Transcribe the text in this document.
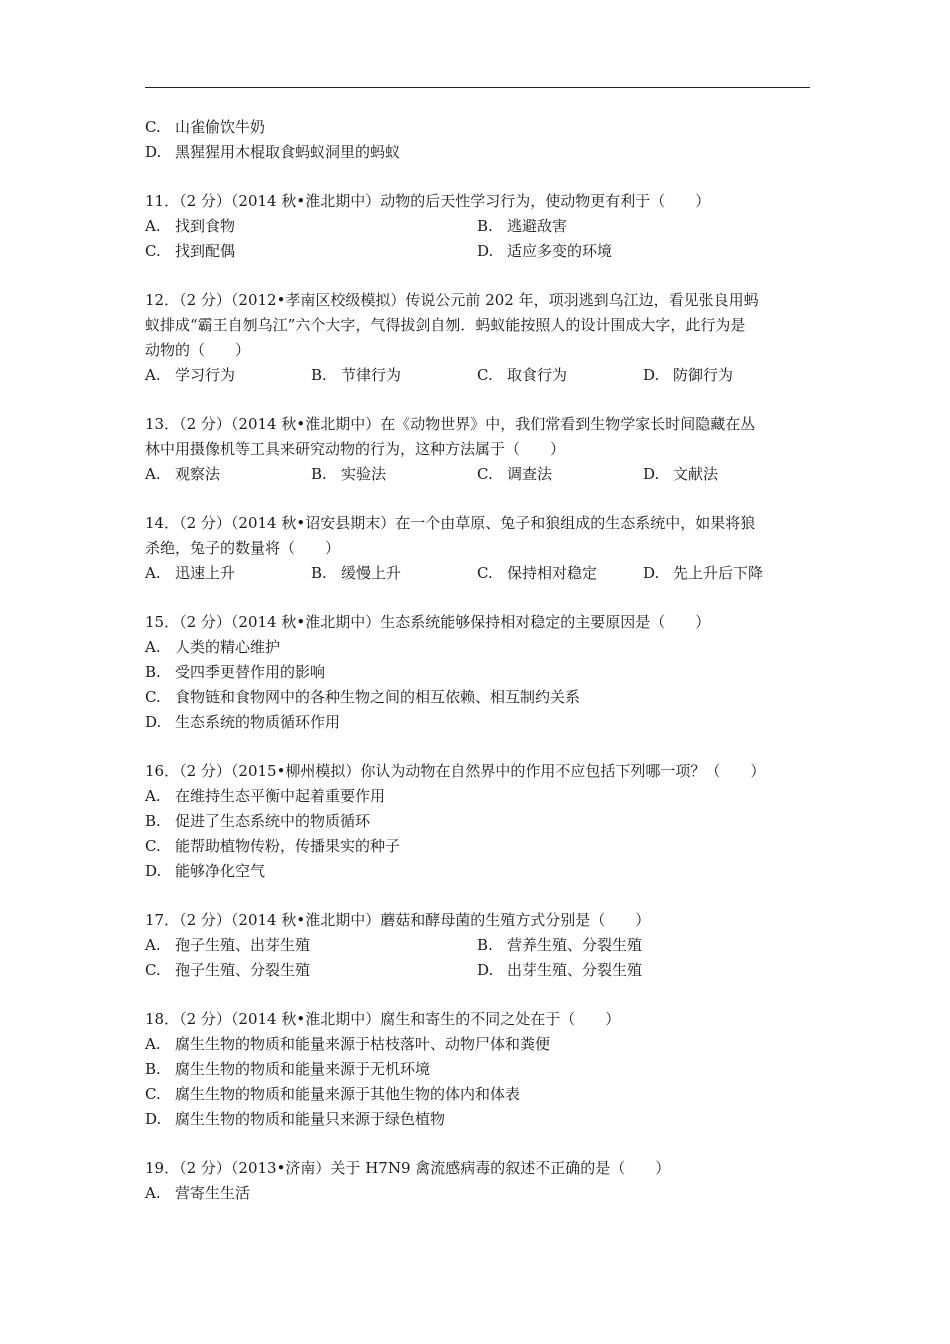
C. 山雀偷饮牛奶
D. 黑猩猩用木棍取食蚂蚁洞里的蚂蚁
11．（2 分）（2014 秋•淮北期中）动物的后天性学习行为，使动物更有利于（　　）
A. 找到食物	B. 逃避敌害
C. 找到配偶	D. 适应多变的环境
12．（2 分）（2012•孝南区校级模拟）传说公元前 202 年，项羽逃到乌江边，看见张良用蚂
蚁排成“霸王自刎乌江”六个大字，气得拔剑自刎．蚂蚁能按照人的设计围成大字，此行为是
动物的（　　）
A. 学习行为	B. 节律行为	C. 取食行为	D. 防御行为
13．（2 分）（2014 秋•淮北期中）在《动物世界》中，我们常看到生物学家长时间隐藏在丛
林中用摄像机等工具来研究动物的行为，这种方法属于（　　）
A. 观察法	B. 实验法	C. 调查法	D. 文献法
14．（2 分）（2014 秋•诏安县期末）在一个由草原、兔子和狼组成的生态系统中，如果将狼
杀绝，兔子的数量将（　　）
A. 迅速上升	B. 缓慢上升	C. 保持相对稳定	D. 先上升后下降
15．（2 分）（2014 秋•淮北期中）生态系统能够保持相对稳定的主要原因是（　　）
A. 人类的精心维护
B. 受四季更替作用的影响
C. 食物链和食物网中的各种生物之间的相互依赖、相互制约关系
D. 生态系统的物质循环作用
16．（2 分）（2015•柳州模拟）你认为动物在自然界中的作用不应包括下列哪一项？（　　）
A. 在维持生态平衡中起着重要作用
B. 促进了生态系统中的物质循环
C. 能帮助植物传粉，传播果实的种子
D. 能够净化空气
17．（2 分）（2014 秋•淮北期中）蘑菇和酵母菌的生殖方式分别是（　　）
A. 孢子生殖、出芽生殖	B. 营养生殖、分裂生殖
C. 孢子生殖、分裂生殖	D. 出芽生殖、分裂生殖
18．（2 分）（2014 秋•淮北期中）腐生和寄生的不同之处在于（　　）
A. 腐生生物的物质和能量来源于枯枝落叶、动物尸体和粪便
B. 腐生生物的物质和能量来源于无机环境
C. 腐生生物的物质和能量来源于其他生物的体内和体表
D. 腐生生物的物质和能量只来源于绿色植物
19．（2 分）（2013•济南）关于 H7N9 禽流感病毒的叙述不正确的是（　　）
A. 营寄生生活
